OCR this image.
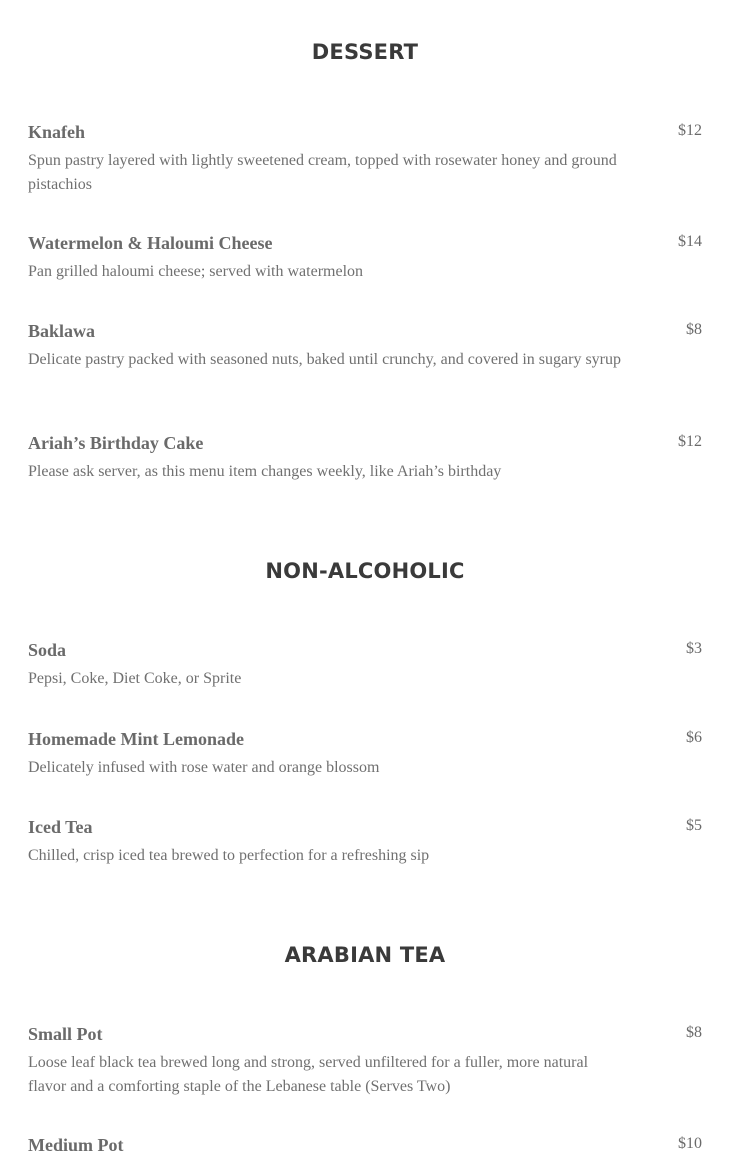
DESSERT
Knafeh	$12
Spun pastry layered with lightly sweetened cream, topped with rosewater honey and ground pistachios
Watermelon & Haloumi Cheese	$14
Pan grilled haloumi cheese; served with watermelon
Baklawa	$8
Delicate pastry packed with seasoned nuts, baked until crunchy, and covered in sugary syrup
Ariah’s Birthday Cake	$12
Please ask server, as this menu item changes weekly, like Ariah’s birthday
NON-ALCOHOLIC
Soda	$3
Pepsi, Coke, Diet Coke, or Sprite
Homemade Mint Lemonade	$6
Delicately infused with rose water and orange blossom
Iced Tea	$5
Chilled, crisp iced tea brewed to perfection for a refreshing sip
ARABIAN TEA
Small Pot	$8
Loose leaf black tea brewed long and strong, served unfiltered for a fuller, more natural flavor and a comforting staple of the Lebanese table (Serves Two)
Medium Pot	$10
